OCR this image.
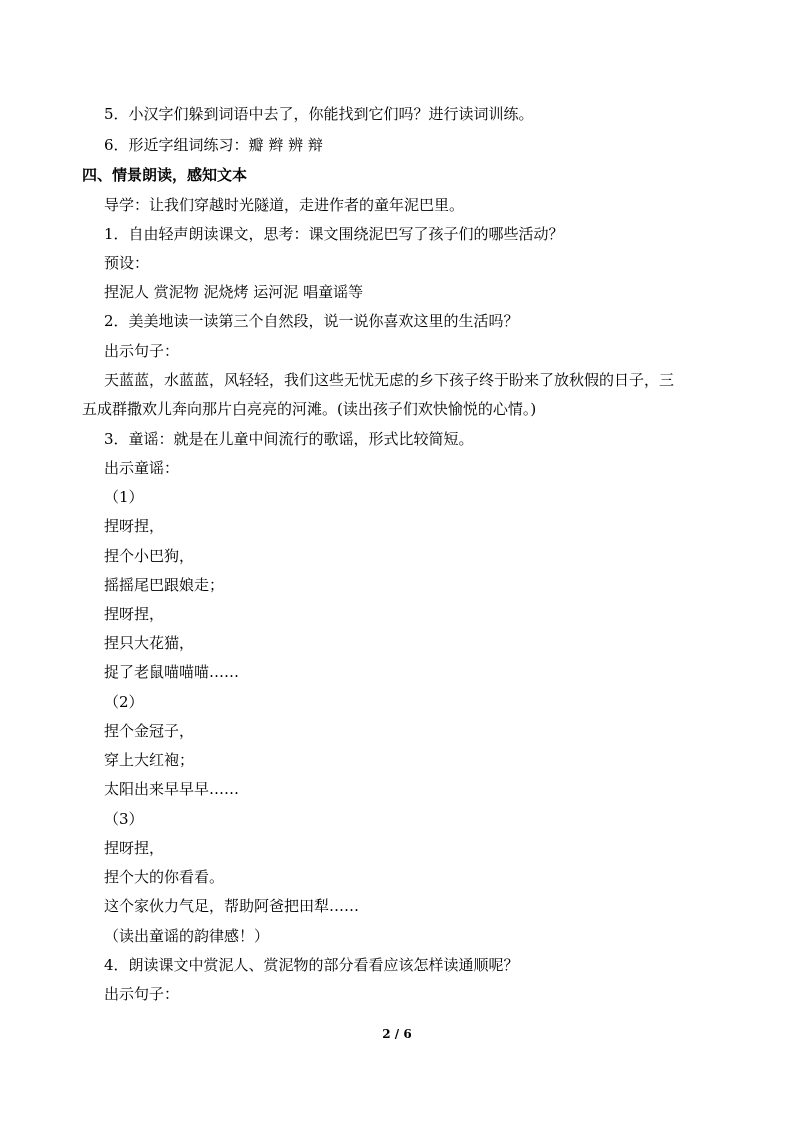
5．小汉字们躲到词语中去了，你能找到它们吗？进行读词训练。
6．形近字组词练习：瓣 辫 辨 辩
四、情景朗读，感知文本
导学：让我们穿越时光隧道，走进作者的童年泥巴里。
1．自由轻声朗读课文，思考：课文围绕泥巴写了孩子们的哪些活动？
预设：
捏泥人 赏泥物 泥烧烤 运河泥 唱童谣等
2．美美地读一读第三个自然段，说一说你喜欢这里的生活吗？
出示句子：
天蓝蓝，水蓝蓝，风轻轻，我们这些无忧无虑的乡下孩子终于盼来了放秋假的日子，三
五成群撒欢儿奔向那片白亮亮的河滩。(读出孩子们欢快愉悦的心情。)
3．童谣：就是在儿童中间流行的歌谣，形式比较简短。
出示童谣：
（1）
捏呀捏，
捏个小巴狗，
摇摇尾巴跟娘走；
捏呀捏，
捏只大花猫，
捉了老鼠喵喵喵……
（2）
捏个金冠子，
穿上大红袍；
太阳出来早早早……
（3）
捏呀捏，
捏个大的你看看。
这个家伙力气足，帮助阿爸把田犁……
（读出童谣的韵律感！）
4．朗读课文中赏泥人、赏泥物的部分看看应该怎样读通顺呢？
出示句子：
2 / 6
